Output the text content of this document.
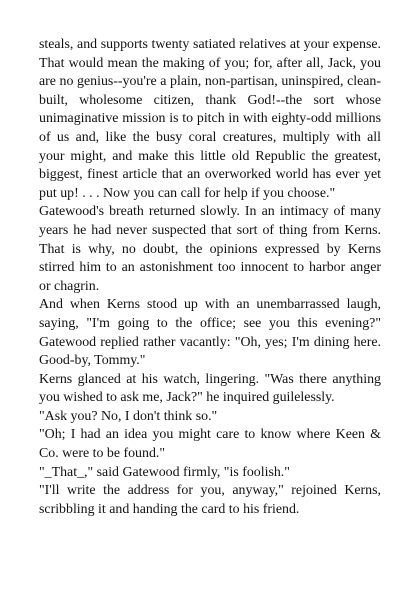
steals, and supports twenty satiated relatives at your expense. That would mean the making of you; for, after all, Jack, you are no genius--you're a plain, non-partisan, uninspired, clean-built, wholesome citizen, thank God!--the sort whose unimaginative mission is to pitch in with eighty-odd millions of us and, like the busy coral creatures, multiply with all your might, and make this little old Republic the greatest, biggest, finest article that an overworked world has ever yet put up! . . . Now you can call for help if you choose."

Gatewood's breath returned slowly. In an intimacy of many years he had never suspected that sort of thing from Kerns. That is why, no doubt, the opinions expressed by Kerns stirred him to an astonishment too innocent to harbor anger or chagrin.

And when Kerns stood up with an unembarrassed laugh, saying, "I'm going to the office; see you this evening?" Gatewood replied rather vacantly: "Oh, yes; I'm dining here. Good-by, Tommy."

Kerns glanced at his watch, lingering. "Was there anything you wished to ask me, Jack?" he inquired guilelessly.

"Ask you? No, I don't think so."

"Oh; I had an idea you might care to know where Keen & Co. were to be found."

"_That_," said Gatewood firmly, "is foolish."

"I'll write the address for you, anyway," rejoined Kerns, scribbling it and handing the card to his friend.
